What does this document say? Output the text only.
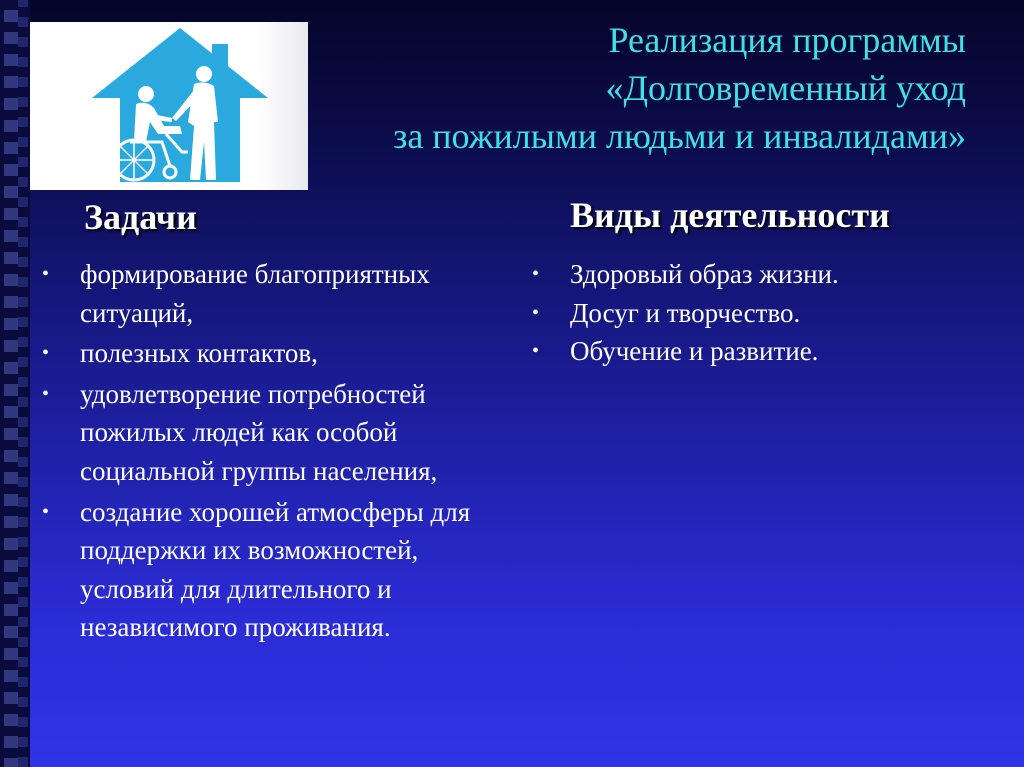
Реализация программы
«Долговременный уход
за пожилыми людьми и инвалидами»
Задачи
• формирование благоприятных ситуаций,
• полезных контактов,
• удовлетворение потребностей пожилых людей как особой социальной группы населения,
• создание хорошей атмосферы для поддержки их возможностей, условий для длительного и независимого проживания.
Виды деятельности
• Здоровый образ жизни.
• Досуг и творчество.
• Обучение и развитие.
